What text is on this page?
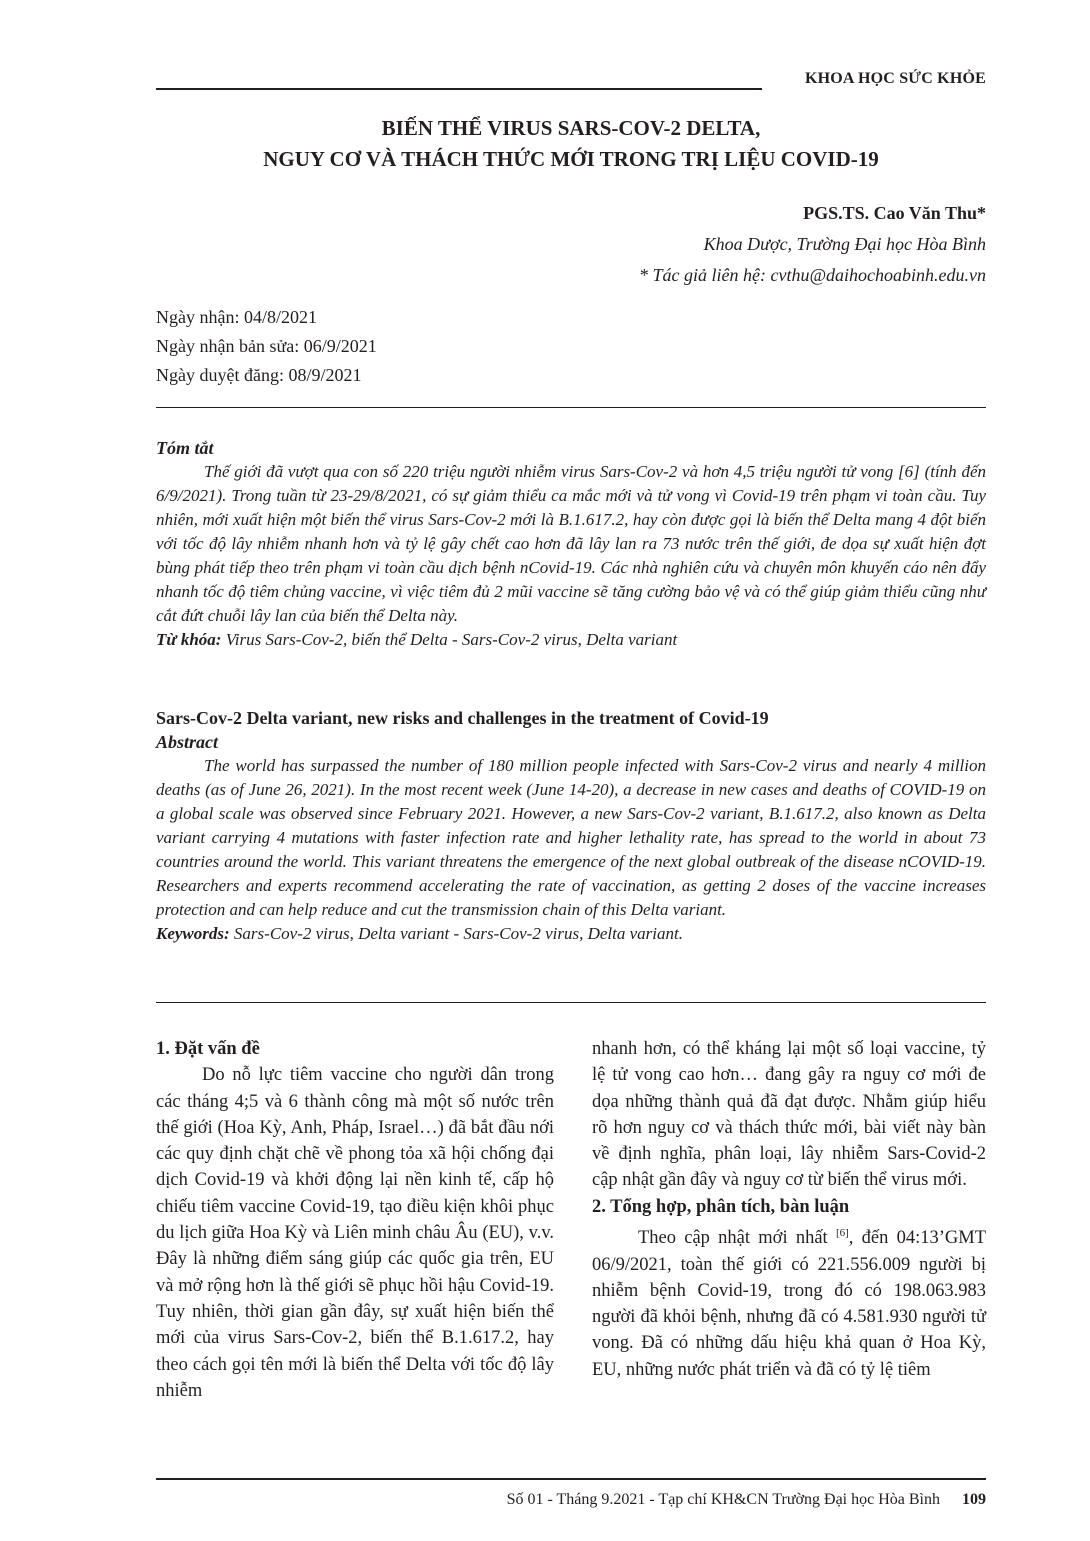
KHOA HỌC SỨC KHỎE
BIẾN THỂ VIRUS SARS-COV-2 DELTA,
NGUY CƠ VÀ THÁCH THỨC MỚI TRONG TRỊ LIỆU COVID-19
PGS.TS. Cao Văn Thu*
Khoa Dược, Trường Đại học Hòa Bình
* Tác giả liên hệ: cvthu@daihochoabinh.edu.vn
Ngày nhận: 04/8/2021
Ngày nhận bản sửa: 06/9/2021
Ngày duyệt đăng: 08/9/2021
Tóm tắt

Thế giới đã vượt qua con số 220 triệu người nhiễm virus Sars-Cov-2 và hơn 4,5 triệu người tử vong [6] (tính đến 6/9/2021). Trong tuần từ 23-29/8/2021, có sự giảm thiểu ca mắc mới và tử vong vì Covid-19 trên phạm vi toàn cầu. Tuy nhiên, mới xuất hiện một biến thể virus Sars-Cov-2 mới là B.1.617.2, hay còn được gọi là biến thể Delta mang 4 đột biến với tốc độ lây nhiễm nhanh hơn và tỷ lệ gây chết cao hơn đã lây lan ra 73 nước trên thế giới, đe dọa sự xuất hiện đợt bùng phát tiếp theo trên phạm vi toàn cầu dịch bệnh nCovid-19. Các nhà nghiên cứu và chuyên môn khuyến cáo nên đẩy nhanh tốc độ tiêm chủng vaccine, vì việc tiêm đủ 2 mũi vaccine sẽ tăng cường bảo vệ và có thể giúp giảm thiểu cũng như cắt đứt chuỗi lây lan của biến thể Delta này.

Từ khóa: Virus Sars-Cov-2, biến thể Delta - Sars-Cov-2 virus, Delta variant
Sars-Cov-2 Delta variant, new risks and challenges in the treatment of Covid-19
Abstract

The world has surpassed the number of 180 million people infected with Sars-Cov-2 virus and nearly 4 million deaths (as of June 26, 2021). In the most recent week (June 14-20), a decrease in new cases and deaths of COVID-19 on a global scale was observed since February 2021. However, a new Sars-Cov-2 variant, B.1.617.2, also known as Delta variant carrying 4 mutations with faster infection rate and higher lethality rate, has spread to the world in about 73 countries around the world. This variant threatens the emergence of the next global outbreak of the disease nCOVID-19. Researchers and experts recommend accelerating the rate of vaccination, as getting 2 doses of the vaccine increases protection and can help reduce and cut the transmission chain of this Delta variant.

Keywords: Sars-Cov-2 virus, Delta variant - Sars-Cov-2 virus, Delta variant.
1. Đặt vấn đề

Do nỗ lực tiêm vaccine cho người dân trong các tháng 4;5 và 6 thành công mà một số nước trên thế giới (Hoa Kỳ, Anh, Pháp, Israel…) đã bắt đầu nới các quy định chặt chẽ về phong tỏa xã hội chống đại dịch Covid-19 và khởi động lại nền kinh tế, cấp hộ chiếu tiêm vaccine Covid-19, tạo điều kiện khôi phục du lịch giữa Hoa Kỳ và Liên minh châu Âu (EU), v.v. Đây là những điểm sáng giúp các quốc gia trên, EU và mở rộng hơn là thế giới sẽ phục hồi hậu Covid-19. Tuy nhiên, thời gian gần đây, sự xuất hiện biến thể mới của virus Sars-Cov-2, biến thể B.1.617.2, hay theo cách gọi tên mới là biến thể Delta với tốc độ lây nhiễm

nhanh hơn, có thể kháng lại một số loại vaccine, tỷ lệ tử vong cao hơn… đang gây ra nguy cơ mới đe dọa những thành quả đã đạt được. Nhằm giúp hiểu rõ hơn nguy cơ và thách thức mới, bài viết này bàn về định nghĩa, phân loại, lây nhiễm Sars-Covid-2 cập nhật gần đây và nguy cơ từ biến thể virus mới.

2. Tổng hợp, phân tích, bàn luận

Theo cập nhật mới nhất [6], đến 04:13’GMT 06/9/2021, toàn thế giới có 221.556.009 người bị nhiễm bệnh Covid-19, trong đó có 198.063.983 người đã khỏi bệnh, nhưng đã có 4.581.930 người tử vong. Đã có những dấu hiệu khả quan ở Hoa Kỳ, EU, những nước phát triển và đã có tỷ lệ tiêm

Số 01 - Tháng 9.2021 - Tạp chí KH&CN Trường Đại học Hòa Bình 109
